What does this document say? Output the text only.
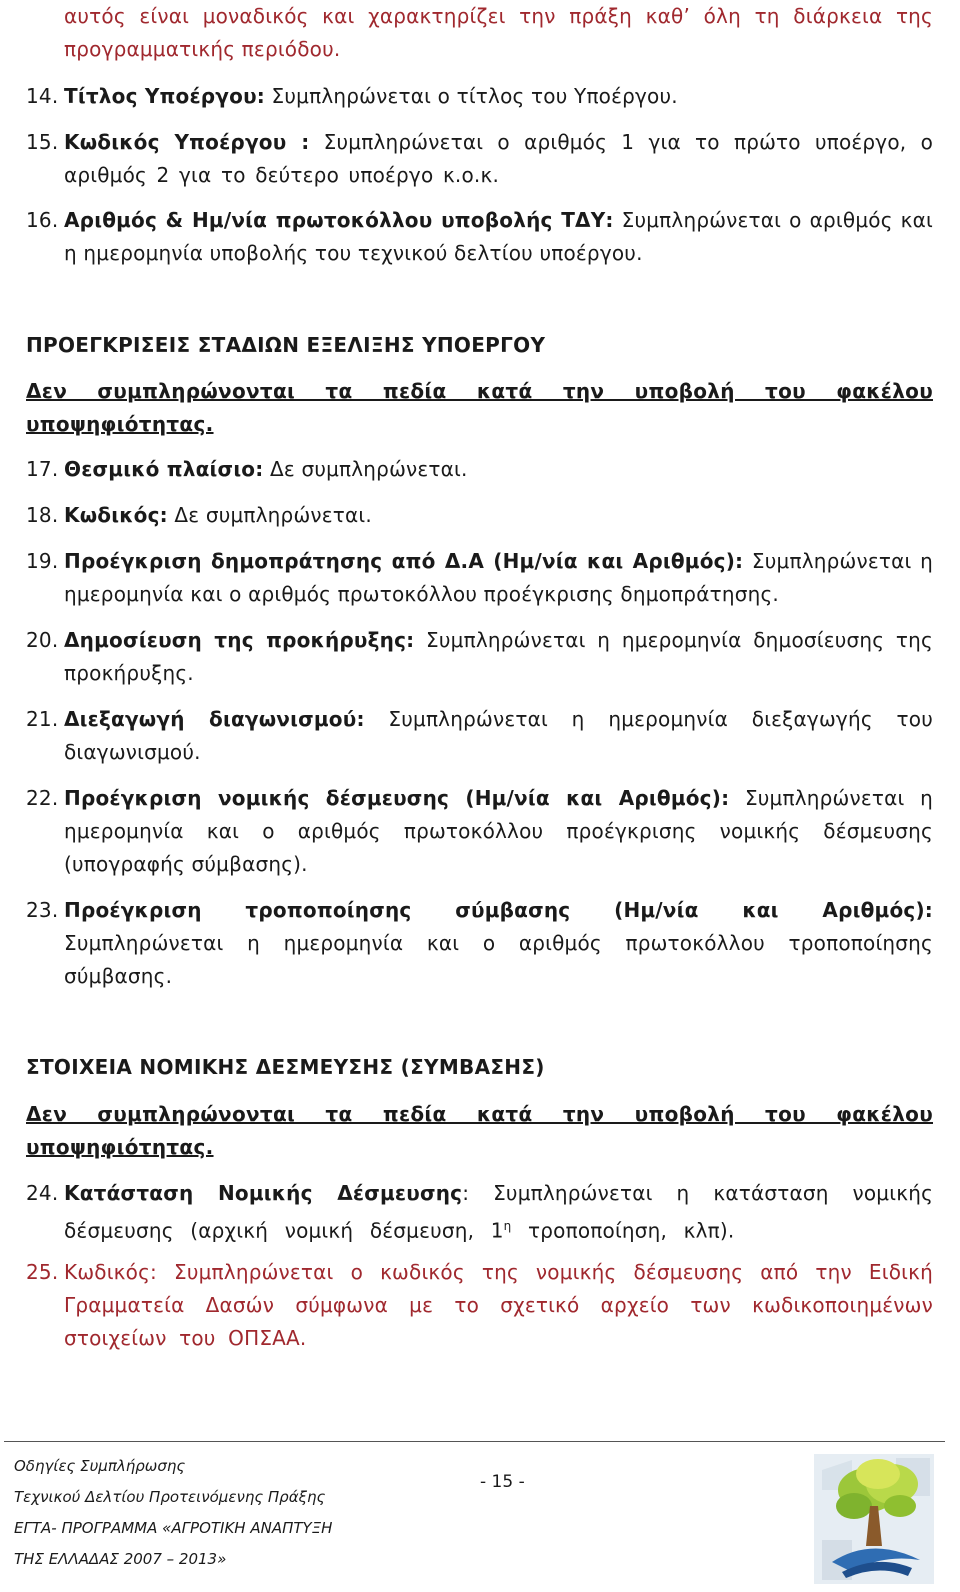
αυτός είναι μοναδικός και χαρακτηρίζει την πράξη καθ’ όλη τη διάρκεια της προγραμματικής περιόδου.

14. Τίτλος Υποέργου: Συμπληρώνεται ο τίτλος του Υποέργου.
15. Κωδικός Υποέργου : Συμπληρώνεται ο αριθμός 1 για το πρώτο υποέργο, ο αριθμός 2 για το δεύτερο υποέργο κ.ο.κ.
16. Αριθμός & Ημ/νία πρωτοκόλλου υποβολής ΤΔΥ: Συμπληρώνεται ο αριθμός και η ημερομηνία υποβολής του τεχνικού δελτίου υποέργου.
ΠΡΟΕΓΚΡΙΣΕΙΣ ΣΤΑΔΙΩΝ ΕΞΕΛΙΞΗΣ ΥΠΟΕΡΓΟΥ
Δεν συμπληρώνονται τα πεδία κατά την υποβολή του φακέλου υποψηφιότητας.
17. Θεσμικό πλαίσιο: Δε συμπληρώνεται.
18. Κωδικός: Δε συμπληρώνεται.
19. Προέγκριση δημοπράτησης από Δ.Α (Ημ/νία και Αριθμός): Συμπληρώνεται η ημερομηνία και ο αριθμός πρωτοκόλλου προέγκρισης δημοπράτησης.
20. Δημοσίευση της προκήρυξης: Συμπληρώνεται η ημερομηνία δημοσίευσης της προκήρυξης.
21. Διεξαγωγή διαγωνισμού: Συμπληρώνεται η ημερομηνία διεξαγωγής του διαγωνισμού.
22. Προέγκριση νομικής δέσμευσης (Ημ/νία και Αριθμός): Συμπληρώνεται η ημερομηνία και ο αριθμός πρωτοκόλλου προέγκρισης νομικής δέσμευσης (υπογραφής σύμβασης).
23. Προέγκριση τροποποίησης σύμβασης (Ημ/νία και Αριθμός): Συμπληρώνεται η ημερομηνία και ο αριθμός πρωτοκόλλου τροποποίησης σύμβασης.
ΣΤΟΙΧΕΙΑ ΝΟΜΙΚΗΣ ΔΕΣΜΕΥΣΗΣ (ΣΥΜΒΑΣΗΣ)
Δεν συμπληρώνονται τα πεδία κατά την υποβολή του φακέλου υποψηφιότητας.
24. Κατάσταση Νομικής Δέσμευσης: Συμπληρώνεται η κατάσταση νομικής δέσμευσης (αρχική νομική δέσμευση, $1^\eta$ τροποποίηση, κλπ).
25. Κωδικός: Συμπληρώνεται ο κωδικός της νομικής δέσμευσης από την Ειδική Γραμματεία Δασών σύμφωνα με το σχετικό αρχείο των κωδικοποιημένων στοιχείων του ΟΠΣΑΑ.
Οδηγίες Συμπλήρωσης
Τεχνικού Δελτίου Προτεινόμενης Πράξης
ΕΓΤΑ- ΠΡΟΓΡΑΜΜΑ «ΑΓΡΟΤΙΚΗ ΑΝΑΠΤΥΞΗ
ΤΗΣ ΕΛΛΑΔΑΣ 2007 – 2013»
- 15 -
